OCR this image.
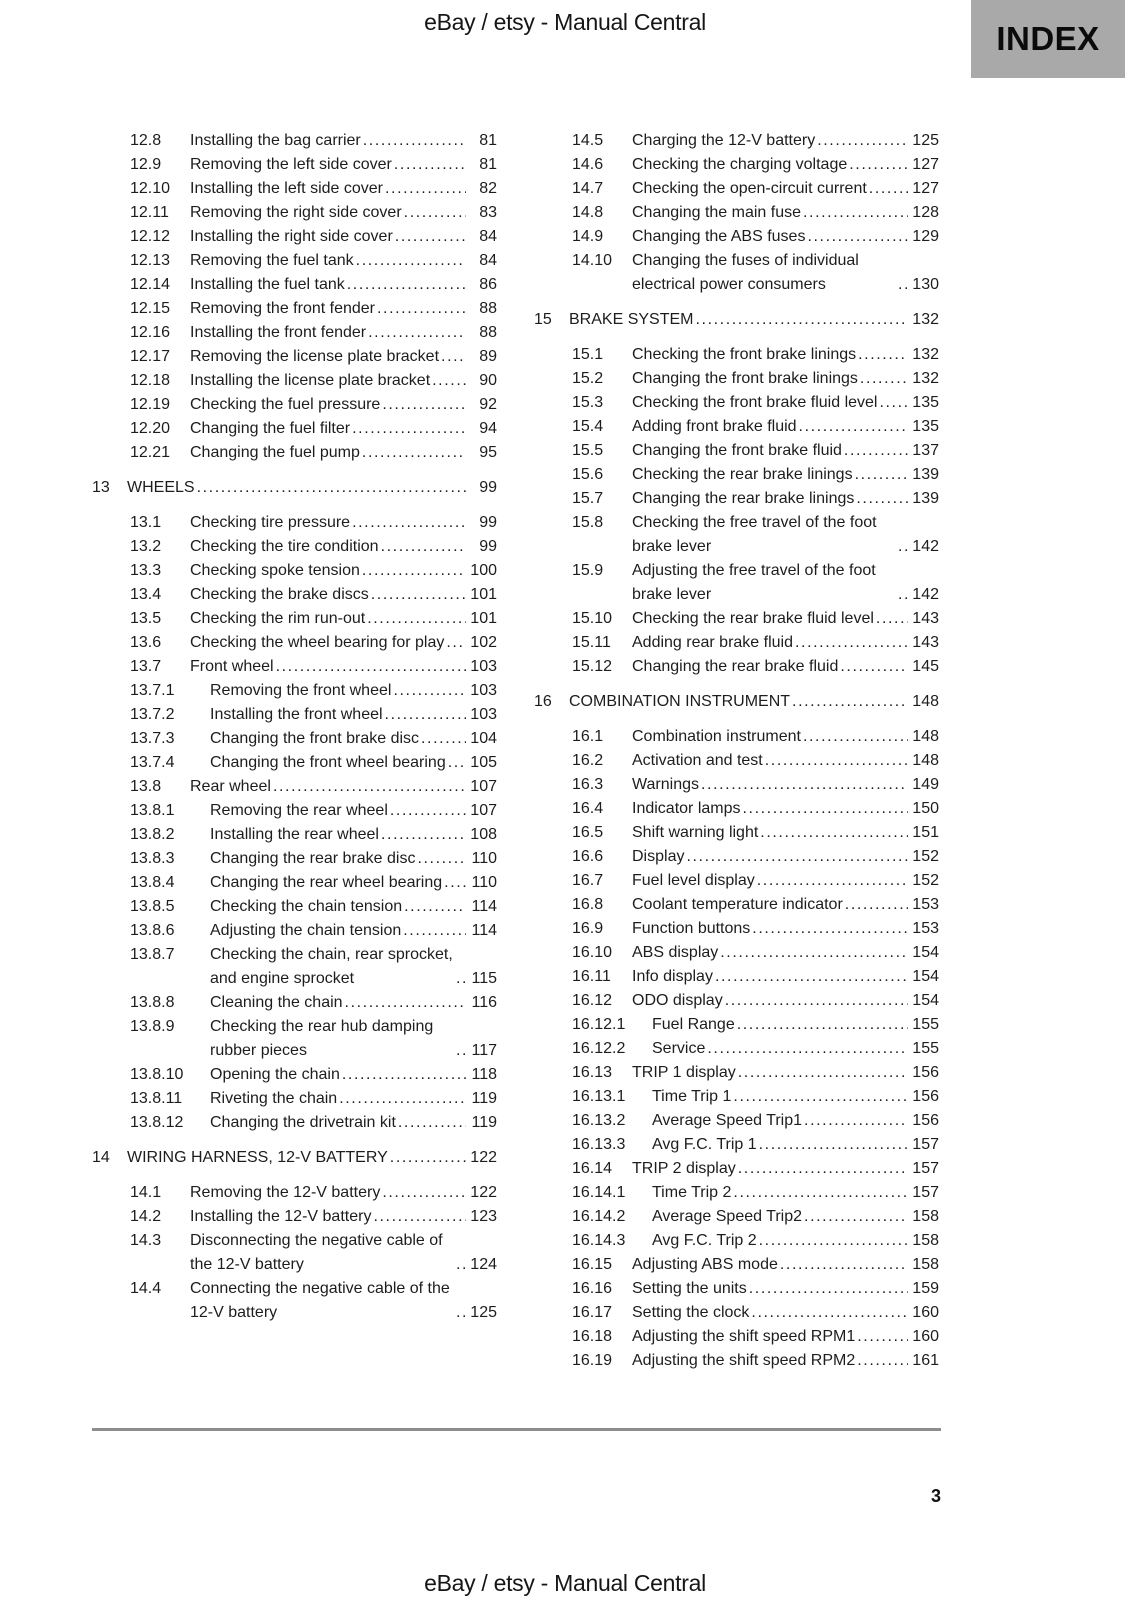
eBay / etsy - Manual Central	INDEX
12.8	Installing the bag carrier .....	81
12.9	Removing the left side cover .....	81
12.10	Installing the left side cover .....	82
12.11	Removing the right side cover .....	83
12.12	Installing the right side cover .....	84
12.13	Removing the fuel tank .....	84
12.14	Installing the fuel tank .....	86
12.15	Removing the front fender .....	88
12.16	Installing the front fender .....	88
12.17	Removing the license plate bracket .....	89
12.18	Installing the license plate bracket .....	90
12.19	Checking the fuel pressure .....	92
12.20	Changing the fuel filter .....	94
12.21	Changing the fuel pump .....	95
13	WHEELS .....	99
13.1	Checking tire pressure .....	99
13.2	Checking the tire condition .....	99
13.3	Checking spoke tension .....	100
13.4	Checking the brake discs .....	101
13.5	Checking the rim run-out .....	101
13.6	Checking the wheel bearing for play ..... 102
13.7	Front wheel .....	103
13.7.1	Removing the front wheel .....	103
13.7.2	Installing the front wheel .....	103
13.7.3	Changing the front brake disc .....	104
13.7.4	Changing the front wheel bearing ..... 105
13.8	Rear wheel .....	107
13.8.1	Removing the rear wheel .....	107
13.8.2	Installing the rear wheel .....	108
13.8.3	Changing the rear brake disc .....	110
13.8.4	Changing the rear wheel bearing ..... 110
13.8.5	Checking the chain tension .....	114
13.8.6	Adjusting the chain tension .....	114
13.8.7	Checking the chain, rear sprocket, and engine sprocket .....	115
13.8.8	Cleaning the chain .....	116
13.8.9	Checking the rear hub damping rubber pieces .....	117
13.8.10	Opening the chain .....	118
13.8.11	Riveting the chain .....	119
13.8.12	Changing the drivetrain kit .....	119
14	WIRING HARNESS, 12-V BATTERY .....	122
14.1	Removing the 12-V battery .....	122
14.2	Installing the 12-V battery .....	123
14.3	Disconnecting the negative cable of the 12-V battery .....	124
14.4	Connecting the negative cable of the 12-V battery .....	125
14.5	Charging the 12-V battery .....	125
14.6	Checking the charging voltage .....	127
14.7	Checking the open-circuit current .....	127
14.8	Changing the main fuse .....	128
14.9	Changing the ABS fuses .....	129
14.10	Changing the fuses of individual electrical power consumers .....	130
15	BRAKE SYSTEM .....	132
15.1	Checking the front brake linings .....	132
15.2	Changing the front brake linings .....	132
15.3	Checking the front brake fluid level ..... 135
15.4	Adding front brake fluid .....	135
15.5	Changing the front brake fluid .....	137
15.6	Checking the rear brake linings .....	139
15.7	Changing the rear brake linings .....	139
15.8	Checking the free travel of the foot brake lever .....	142
15.9	Adjusting the free travel of the foot brake lever .....	142
15.10	Checking the rear brake fluid level ..... 143
15.11	Adding rear brake fluid .....	143
15.12	Changing the rear brake fluid .....	145
16	COMBINATION INSTRUMENT .....	148
16.1	Combination instrument .....	148
16.2	Activation and test .....	148
16.3	Warnings .....	149
16.4	Indicator lamps .....	150
16.5	Shift warning light .....	151
16.6	Display .....	152
16.7	Fuel level display .....	152
16.8	Coolant temperature indicator .....	153
16.9	Function buttons .....	153
16.10	ABS display .....	154
16.11	Info display .....	154
16.12	ODO display .....	154
16.12.1	Fuel Range .....	155
16.12.2	Service .....	155
16.13	TRIP 1 display .....	156
16.13.1	Time Trip 1 .....	156
16.13.2	Average Speed Trip1 .....	156
16.13.3	Avg F.C. Trip 1 .....	157
16.14	TRIP 2 display .....	157
16.14.1	Time Trip 2 .....	157
16.14.2	Average Speed Trip2 .....	158
16.14.3	Avg F.C. Trip 2 .....	158
16.15	Adjusting ABS mode .....	158
16.16	Setting the units .....	159
16.17	Setting the clock .....	160
16.18	Adjusting the shift speed RPM1 .....	160
16.19	Adjusting the shift speed RPM2 .....	161
3
eBay / etsy - Manual Central
